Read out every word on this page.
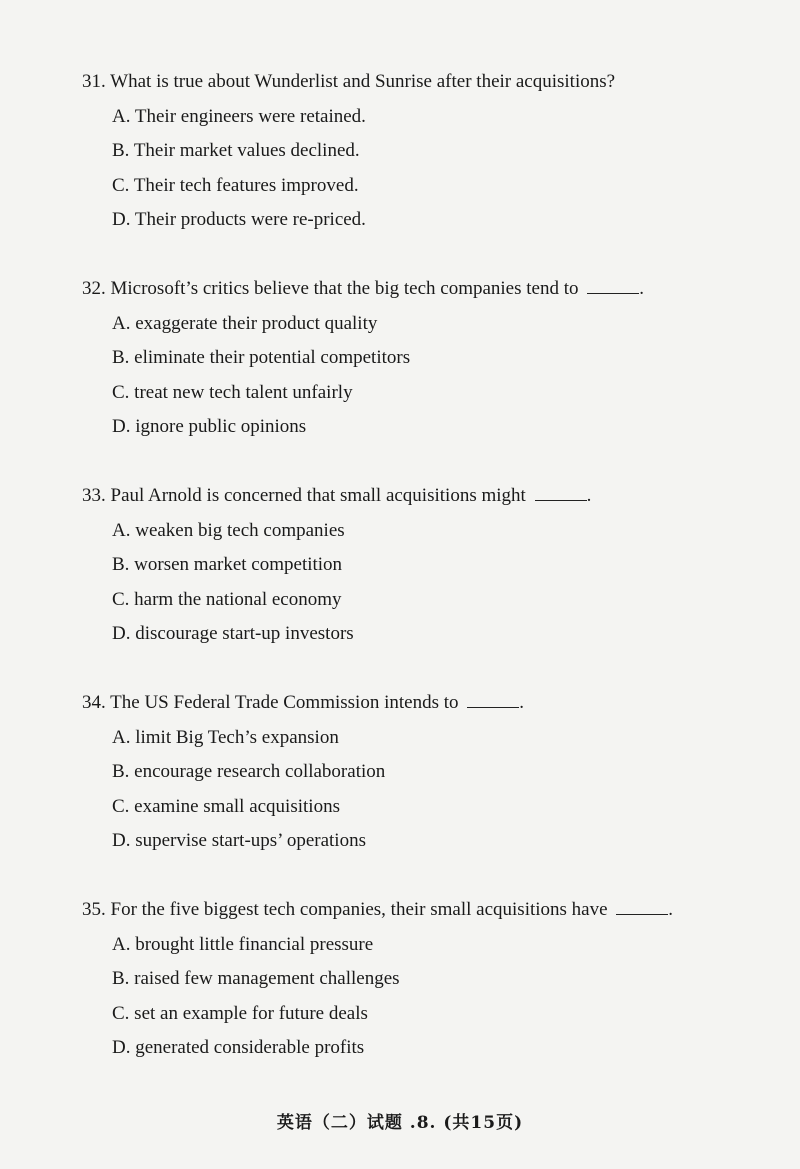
31. What is true about Wunderlist and Sunrise after their acquisitions?
A. Their engineers were retained.
B. Their market values declined.
C. Their tech features improved.
D. Their products were re-priced.
32. Microsoft’s critics believe that the big tech companies tend to	.
A. exaggerate their product quality
B. eliminate their potential competitors
C. treat new tech talent unfairly
D. ignore public opinions
33. Paul Arnold is concerned that small acquisitions might	.
A. weaken big tech companies
B. worsen market competition
C. harm the national economy
D. discourage start-up investors
34. The US Federal Trade Commission intends to	.
A. limit Big Tech’s expansion
B. encourage research collaboration
C. examine small acquisitions
D. supervise start-ups’ operations
35. For the five biggest tech companies, their small acquisitions have	.
A. brought little financial pressure
B. raised few management challenges
C. set an example for future deals
D. generated considerable profits
英语（二）试题 .8. (共15页)
